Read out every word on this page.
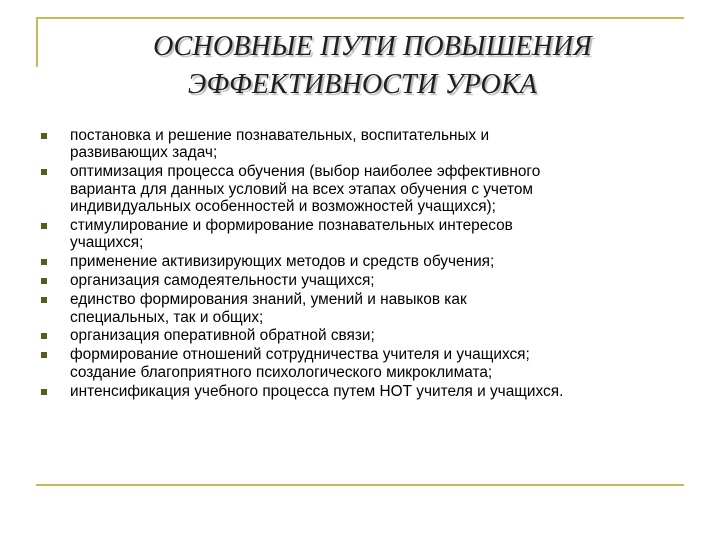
ОСНОВНЫЕ ПУТИ ПОВЫШЕНИЯ
ЭФФЕКТИВНОСТИ УРОКА
постановка и решение познавательных, воспитательных и
развивающих задач;
оптимизация процесса обучения (выбор наиболее эффективного
варианта для данных условий на всех этапах обучения с учетом
индивидуальных особенностей и возможностей учащихся);
стимулирование и формирование познавательных интересов
учащихся;
применение активизирующих методов и средств обучения;
организация самодеятельности учащихся;
единство формирования знаний, умений и навыков как
специальных, так и общих;
организация оперативной обратной связи;
формирование отношений сотрудничества учителя и учащихся;
создание благоприятного психологического микроклимата;
интенсификация учебного процесса путем НОТ учителя и учащихся.
